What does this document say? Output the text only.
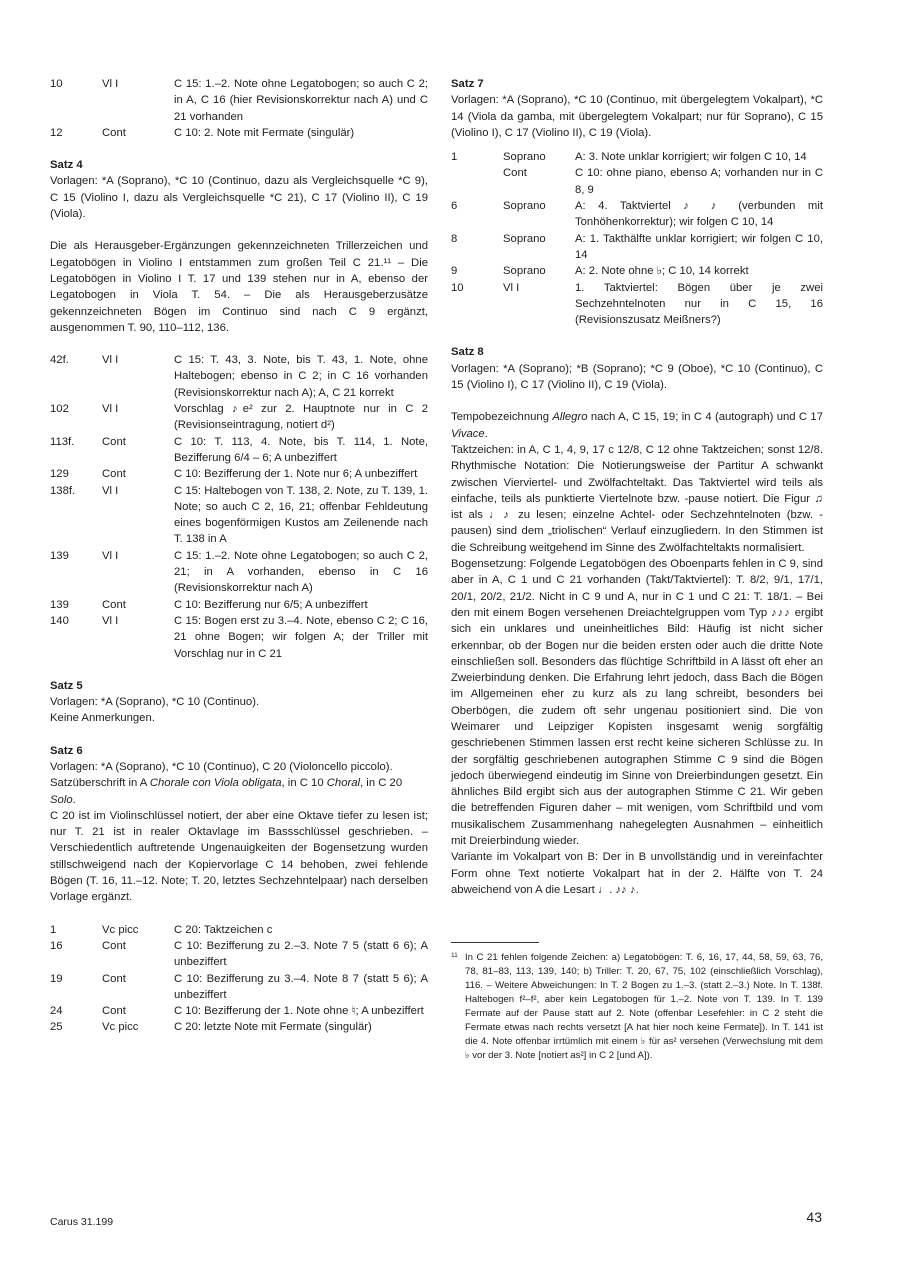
10	Vl I	C 15: 1.–2. Note ohne Legatobogen; so auch C 2; in A, C 16 (hier Revisionskorrektur nach A) und C 21 vorhanden
12	Cont	C 10: 2. Note mit Fermate (singulär)

Satz 4

Vorlagen: *A (Soprano), *C 10 (Continuo, dazu als Vergleichsquelle *C 9), C 15 (Violino I, dazu als Vergleichsquelle *C 21), C 17 (Violino II), C 19 (Viola).

Die als Herausgeber-Ergänzungen gekennzeichneten Trillerzeichen und Legatobögen in Violino I entstammen zum großen Teil C 21.¹¹ – Die Legatobögen in Violino I T. 17 und 139 stehen nur in A, ebenso der Legatobogen in Viola T. 54. – Die als Herausgeberzusätze gekennzeichneten Bögen im Continuo sind nach C 9 ergänzt, ausgenommen T. 90, 110–112, 136.

42f.	Vl I	C 15: T. 43, 3. Note, bis T. 43, 1. Note, ohne Haltebogen; ebenso in C 2; in C 16 vorhanden (Revisionskorrektur nach A); A, C 21 korrekt
102	Vl I	Vorschlag ♪e² zur 2. Hauptnote nur in C 2 (Revisionseintragung, notiert d²)
113f.	Cont	C 10: T. 113, 4. Note, bis T. 114, 1. Note, Bezifferung 6/4 – 6; A unbeziffert
129	Cont	C 10: Bezifferung der 1. Note nur 6; A unbeziffert
138f.	Vl I	C 15: Haltebogen von T. 138, 2. Note, zu T. 139, 1. Note; so auch C 2, 16, 21; offenbar Fehldeutung eines bogenförmigen Kustos am Zeilenende nach T. 138 in A
139	Vl I	C 15: 1.–2. Note ohne Legatobogen; so auch C 2, 21; in A vorhanden, ebenso in C 16 (Revisionskorrektur nach A)
139	Cont	C 10: Bezifferung nur 6/5; A unbeziffert
140	Vl I	C 15: Bogen erst zu 3.–4. Note, ebenso C 2; C 16, 21 ohne Bogen; wir folgen A; der Triller mit Vorschlag nur in C 21

Satz 5

Vorlagen: *A (Soprano), *C 10 (Continuo).

Keine Anmerkungen.

Satz 6

Vorlagen: *A (Soprano), *C 10 (Continuo), C 20 (Violoncello piccolo).

Satzüberschrift in A Chorale con Viola obligata, in C 10 Choral, in C 20 Solo.

C 20 ist im Violinschlüssel notiert, der aber eine Oktave tiefer zu lesen ist; nur T. 21 ist in realer Oktavlage im Bassschlüssel geschrieben. – Verschiedentlich auftretende Ungenauigkeiten der Bogensetzung wurden stillschweigend nach der Kopiervorlage C 14 behoben, zwei fehlende Bögen (T. 16, 11.–12. Note; T. 20, letztes Sechzehntelpaar) nach derselben Vorlage ergänzt.

1	Vc picc	C 20: Taktzeichen c
16	Cont	C 10: Bezifferung zu 2.–3. Note 7 5 (statt 6 6); A unbeziffert
19	Cont	C 10: Bezifferung zu 3.–4. Note 8 7 (statt 5 6); A unbeziffert
24	Cont	C 10: Bezifferung der 1. Note ohne ♮; A unbeziffert
25	Vc picc	C 20: letzte Note mit Fermate (singulär)

Satz 7

Vorlagen: *A (Soprano), *C 10 (Continuo, mit übergelegtem Vokalpart), *C 14 (Viola da gamba, mit übergelegtem Vokalpart; nur für Soprano), C 15 (Violino I), C 17 (Violino II), C 19 (Viola).

1	Soprano	A: 3. Note unklar korrigiert; wir folgen C 10, 14
	Cont	C 10: ohne piano, ebenso A; vorhanden nur in C 8, 9
6	Soprano	A: 4. Taktviertel ♪ ♪ (verbunden mit Tonhöhenkorrektur); wir folgen C 10, 14
8	Soprano	A: 1. Takthälfte unklar korrigiert; wir folgen C 10, 14
9	Soprano	A: 2. Note ohne ♭; C 10, 14 korrekt
10	Vl I	1. Taktviertel: Bögen über je zwei Sechzehntelnoten nur in C 15, 16 (Revisionszusatz Meißners?)

Satz 8

Vorlagen: *A (Soprano); *B (Soprano); *C 9 (Oboe), *C 10 (Continuo), C 15 (Violino I), C 17 (Violino II), C 19 (Viola).

Tempobezeichnung Allegro nach A, C 15, 19; in C 4 (autograph) und C 17 Vivace.

Taktzeichen: in A, C 1, 4, 9, 17 c 12/8, C 12 ohne Taktzeichen; sonst 12/8. Rhythmische Notation: Die Notierungsweise der Partitur A schwankt zwischen Vierviertel- und Zwölfachteltakt. Das Taktviertel wird teils als einfache, teils als punktierte Viertelnote bzw. -pause notiert. Die Figur ♫ ist als ♩♪ zu lesen; einzelne Achtel- oder Sechzehntelnoten (bzw. -pausen) sind dem „triolischen“ Verlauf einzugliedern. In den Stimmen ist die Schreibung weitgehend im Sinne des Zwölfachteltakts normalisiert.

Bogensetzung: Folgende Legatobögen des Oboenparts fehlen in C 9, sind aber in A, C 1 und C 21 vorhanden (Takt/Taktviertel): T. 8/2, 9/1, 17/1, 20/1, 20/2, 21/2. Nicht in C 9 und A, nur in C 1 und C 21: T. 18/1. – Bei den mit einem Bogen versehenen Dreiachtelgruppen vom Typ ♪♪♪ ergibt sich ein unklares und uneinheitliches Bild: Häufig ist nicht sicher erkennbar, ob der Bogen nur die beiden ersten oder auch die dritte Note einschließen soll. Besonders das flüchtige Schriftbild in A lässt oft eher an Zweierbindung denken. Die Erfahrung lehrt jedoch, dass Bach die Bögen im Allgemeinen eher zu kurz als zu lang schreibt, besonders bei Oberbögen, die zudem oft sehr ungenau positioniert sind. Die von Weimarer und Leipziger Kopisten insgesamt wenig sorgfältig geschriebenen Stimmen lassen erst recht keine sicheren Schlüsse zu. In der sorgfältig geschriebenen autographen Stimme C 9 sind die Bögen jedoch überwiegend eindeutig im Sinne von Dreierbindungen gesetzt. Ein ähnliches Bild ergibt sich aus der autographen Stimme C 21. Wir geben die betreffenden Figuren daher – mit wenigen, vom Schriftbild und vom musikalischem Zusammenhang nahegelegten Ausnahmen – einheitlich mit Dreierbindung wieder.

Variante im Vokalpart von B: Der in B unvollständig und in vereinfachter Form ohne Text notierte Vokalpart hat in der 2. Hälfte von T. 24 abweichend von A die Lesart ♩. ♪♪ ♪.

11 In C 21 fehlen folgende Zeichen: a) Legatobögen: T. 6, 16, 17, 44, 58, 59, 63, 76, 78, 81–83, 113, 139, 140; b) Triller: T. 20, 67, 75, 102 (einschließlich Vorschlag), 116. – Weitere Abweichungen: In T. 2 Bogen zu 1.–3. (statt 2.–3.) Note. In T. 138f. Haltebogen f²–f², aber kein Legatobogen für 1.–2. Note von T. 139. In T. 139 Fermate auf der Pause statt auf 2. Note (offenbar Lesefehler: in C 2 steht die Fermate etwas nach rechts versetzt [A hat hier noch keine Fermate]). In T. 141 ist die 4. Note offenbar irrtümlich mit einem ♭ für as² versehen (Verwechslung mit dem ♭ vor der 3. Note [notiert as²] in C 2 [und A]).
Carus 31.199	43
